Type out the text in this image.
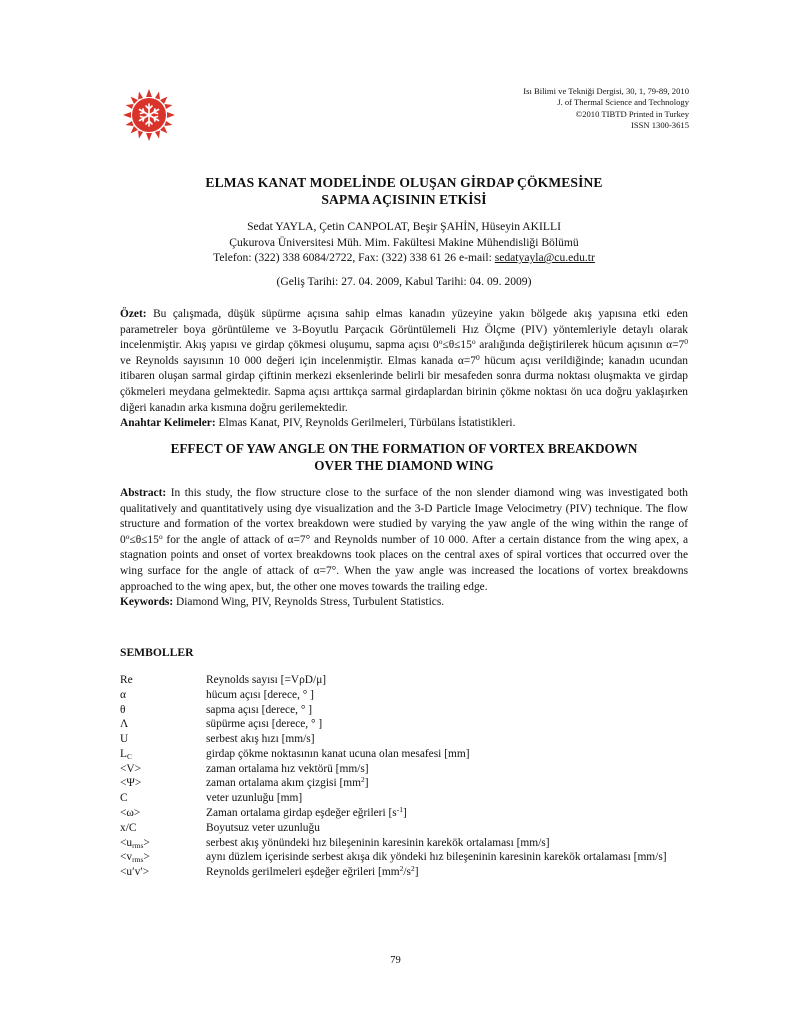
Isı Bilimi ve Tekniği Dergisi, 30, 1, 79-89, 2010
J. of Thermal Science and Technology
©2010 TIBTD Printed in Turkey
ISSN 1300-3615
ELMAS KANAT MODELİNDE OLUŞAN GİRDAP ÇÖKMESİNE
SAPMA AÇISININ ETKİSİ
Sedat YAYLA, Çetin CANPOLAT, Beşir ŞAHİN, Hüseyin AKILLI
Çukurova Üniversitesi Müh. Mim. Fakültesi Makine Mühendisliği Bölümü
Telefon: (322) 338 6084/2722, Fax: (322) 338 61 26 e-mail: sedatyayla@cu.edu.tr
(Geliş Tarihi: 27. 04. 2009, Kabul Tarihi: 04. 09. 2009)
Özet: Bu çalışmada, düşük süpürme açısına sahip elmas kanadın yüzeyine yakın bölgede akış yapısına etki eden parametreler boya görüntüleme ve 3-Boyutlu Parçacık Görüntülemeli Hız Ölçme (PIV) yöntemleriyle detaylı olarak incelenmiştir. Akış yapısı ve girdap çökmesi oluşumu, sapma açısı $0^o\le\theta\le 15^o$ aralığında değiştirilerek hücum açısının $\alpha=7^0$ ve Reynolds sayısının 10 000 değeri için incelenmiştir. Elmas kanada $\alpha=7^0$ hücum açısı verildiğinde; kanadın ucundan itibaren oluşan sarmal girdap çiftinin merkezi eksenlerinde belirli bir mesafeden sonra durma noktası oluşmakta ve girdap çökmeleri meydana gelmektedir. Sapma açısı arttıkça sarmal girdaplardan birinin çökme noktası ön uca doğru yaklaşırken diğeri kanadın arka kısmına doğru gerilemektedir.
Anahtar Kelimeler: Elmas Kanat, PIV, Reynolds Gerilmeleri, Türbülans İstatistikleri.
EFFECT OF YAW ANGLE ON THE FORMATION OF VORTEX BREAKDOWN
OVER THE DIAMOND WING
Abstract: In this study, the flow structure close to the surface of the non slender diamond wing was investigated both qualitatively and quantitatively using dye visualization and the 3-D Particle Image Velocimetry (PIV) technique. The flow structure and formation of the vortex breakdown were studied by varying the yaw angle of the wing within the range of $0^o\le\theta\le 15^o$ for the angle of attack of α=7° and Reynolds number of 10 000. After a certain distance from the wing apex, a stagnation points and onset of vortex breakdowns took places on the central axes of spiral vortices that occurred over the wing surface for the angle of attack of α=7°. When the yaw angle was increased the locations of vortex breakdowns approached to the wing apex, but, the other one moves towards the trailing edge.
Keywords: Diamond Wing, PIV, Reynolds Stress, Turbulent Statistics.
SEMBOLLER
Re	Reynolds sayısı [=VρD/μ]
α	hücum açısı [derece, ° ]
θ	sapma açısı [derece, ° ]
Λ	süpürme açısı [derece, ° ]
U	serbest akış hızı [mm/s]
$L_C$	girdap çökme noktasının kanat ucuna olan mesafesi [mm]
<V>	zaman ortalama hız vektörü [mm/s]
<Ψ>	zaman ortalama akım çizgisi $[mm^2]$
C	veter uzunluğu [mm]
<ω>	Zaman ortalama girdap eşdeğer eğrileri $[s^{-1}]$
x/C	Boyutsuz veter uzunluğu
$<u_{rms}>$	serbest akış yönündeki hız bileşeninin karesinin karekök ortalaması [mm/s]
$<v_{rms}>$	aynı düzlem içerisinde serbest akışa dik yöndeki hız bileşeninin karesinin karekök ortalaması [mm/s]
<u′v′>	Reynolds gerilmeleri eşdeğer eğrileri $[mm^2/s^2]$
79
